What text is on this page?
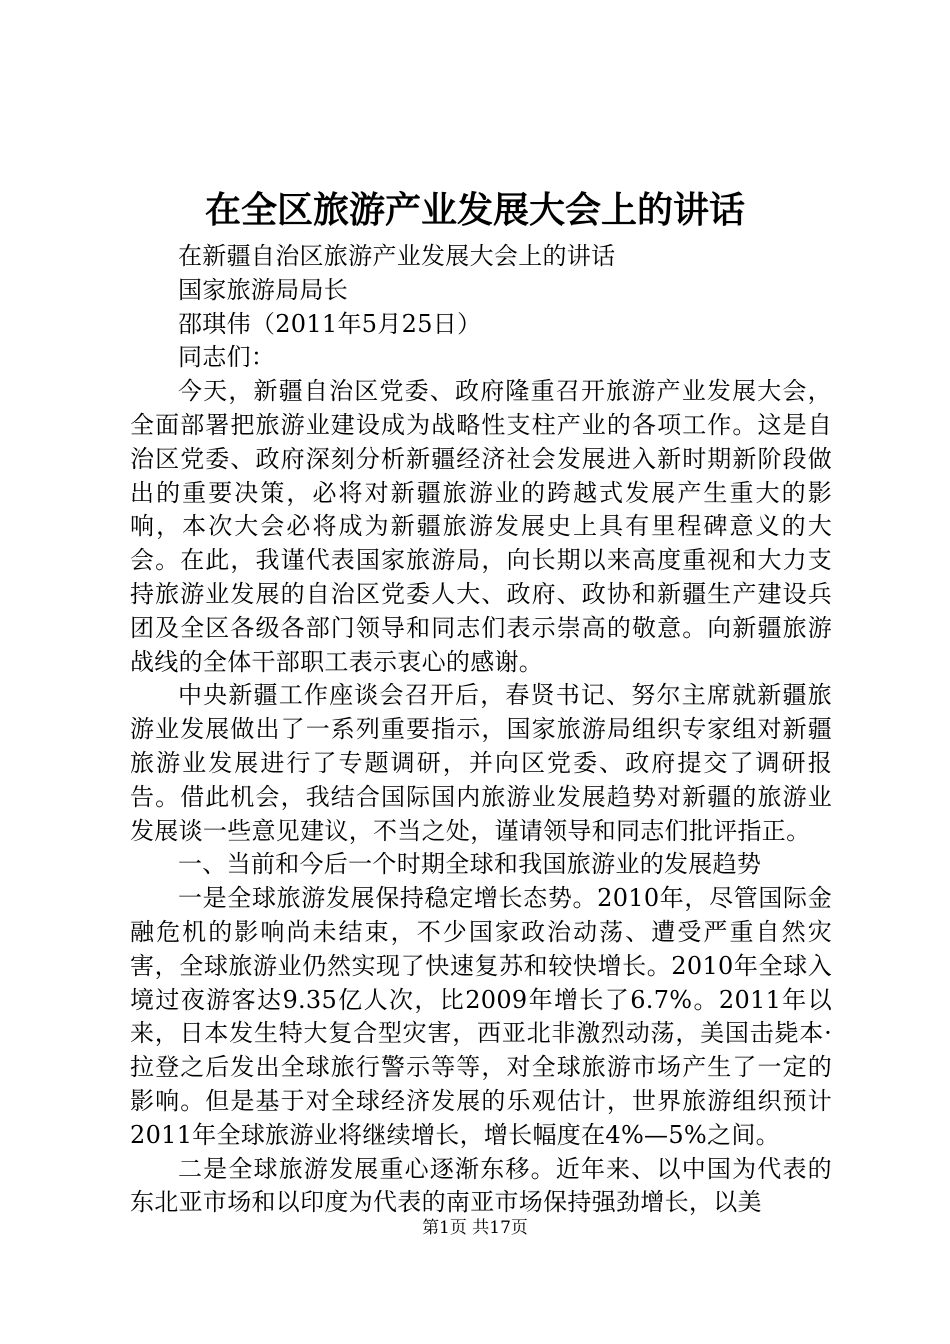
在全区旅游产业发展大会上的讲话

在新疆自治区旅游产业发展大会上的讲话

国家旅游局局长

邵琪伟（2011年5月25日）

同志们：

今天，新疆自治区党委、政府隆重召开旅游产业发展大会，全面部署把旅游业建设成为战略性支柱产业的各项工作。这是自治区党委、政府深刻分析新疆经济社会发展进入新时期新阶段做出的重要决策，必将对新疆旅游业的跨越式发展产生重大的影响，本次大会必将成为新疆旅游发展史上具有里程碑意义的大会。在此，我谨代表国家旅游局，向长期以来高度重视和大力支持旅游业发展的自治区党委人大、政府、政协和新疆生产建设兵团及全区各级各部门领导和同志们表示崇高的敬意。向新疆旅游战线的全体干部职工表示衷心的感谢。

中央新疆工作座谈会召开后，春贤书记、努尔主席就新疆旅游业发展做出了一系列重要指示，国家旅游局组织专家组对新疆旅游业发展进行了专题调研，并向区党委、政府提交了调研报告。借此机会，我结合国际国内旅游业发展趋势对新疆的旅游业发展谈一些意见建议，不当之处，谨请领导和同志们批评指正。

一、当前和今后一个时期全球和我国旅游业的发展趋势

一是全球旅游发展保持稳定增长态势。2010年，尽管国际金融危机的影响尚未结束，不少国家政治动荡、遭受严重自然灾害，全球旅游业仍然实现了快速复苏和较快增长。2010年全球入境过夜游客达9.35亿人次，比2009年增长了6.7%。2011年以来，日本发生特大复合型灾害，西亚北非激烈动荡，美国击毙本·拉登之后发出全球旅行警示等等，对全球旅游市场产生了一定的影响。但是基于对全球经济发展的乐观估计，世界旅游组织预计2011年全球旅游业将继续增长，增长幅度在4%—5%之间。

二是全球旅游发展重心逐渐东移。近年来、以中国为代表的东北亚市场和以印度为代表的南亚市场保持强劲增长，以美

第1页 共17页
